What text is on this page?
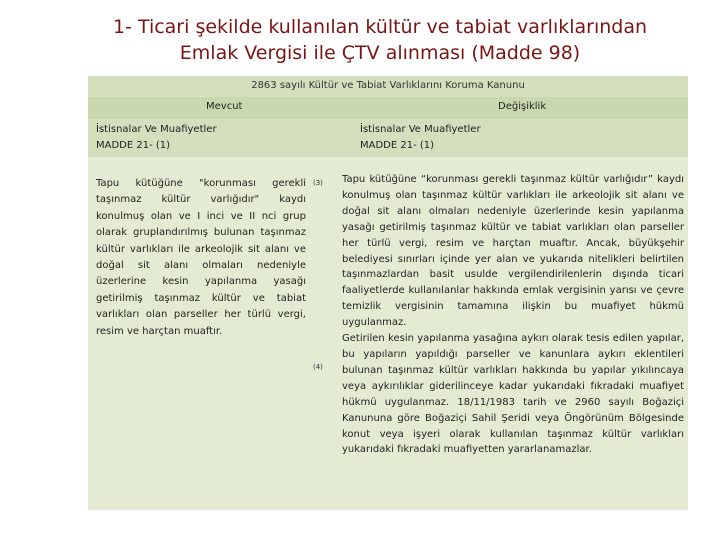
1- Ticari şekilde kullanılan kültür ve tabiat varlıklarından
Emlak Vergisi ile ÇTV alınması (Madde 98)
2863 sayılı Kültür ve Tabiat Varlıklarını Koruma Kanunu
Mevcut	Değişiklik
İstisnalar Ve Muafiyetler
MADDE 21- (1)
İstisnalar Ve Muafiyetler
MADDE 21- (1)
Tapu kütüğüne "korunması gerekli taşınmaz kültür varlığıdır" kaydı konulmuş olan ve I inci ve II nci grup olarak gruplandırılmış bulunan taşınmaz kültür varlıkları ile arkeolojik sit alanı ve doğal sit alanı olmaları nedeniyle üzerlerine kesin yapılanma yasağı getirilmiş taşınmaz kültür ve tabiat varlıkları olan parseller her türlü vergi, resim ve harçtan muaftır.
(3)
(4)

Tapu kütüğüne “korunması gerekli taşınmaz kültür varlığıdır” kaydı konulmuş olan taşınmaz kültür varlıkları ile arkeolojik sit alanı ve doğal sit alanı olmaları nedeniyle üzerlerinde kesin yapılanma yasağı getirilmiş taşınmaz kültür ve tabiat varlıkları olan parseller her türlü vergi, resim ve harçtan muaftır. Ancak, büyükşehir belediyesi sınırları içinde yer alan ve yukarıda nitelikleri belirtilen taşınmazlardan basit usulde vergilendirilenlerin dışında ticari faaliyetlerde kullanılanlar hakkında emlak vergisinin yarısı ve çevre temizlik vergisinin tamamına ilişkin bu muafiyet hükmü uygulanmaz.

Getirilen kesin yapılanma yasağına aykırı olarak tesis edilen yapılar, bu yapıların yapıldığı parseller ve kanunlara aykırı eklentileri bulunan taşınmaz kültür varlıkları hakkında bu yapılar yıkılıncaya veya aykırılıklar giderilinceye kadar yukarıdaki fıkradaki muafiyet hükmü uygulanmaz. 18/11/1983 tarih ve 2960 sayılı Boğaziçi Kanununa göre Boğaziçi Sahil Şeridi veya Öngörünüm Bölgesinde konut veya işyeri olarak kullanılan taşınmaz kültür varlıkları yukarıdaki fıkradaki muafiyetten yararlanamazlar.
